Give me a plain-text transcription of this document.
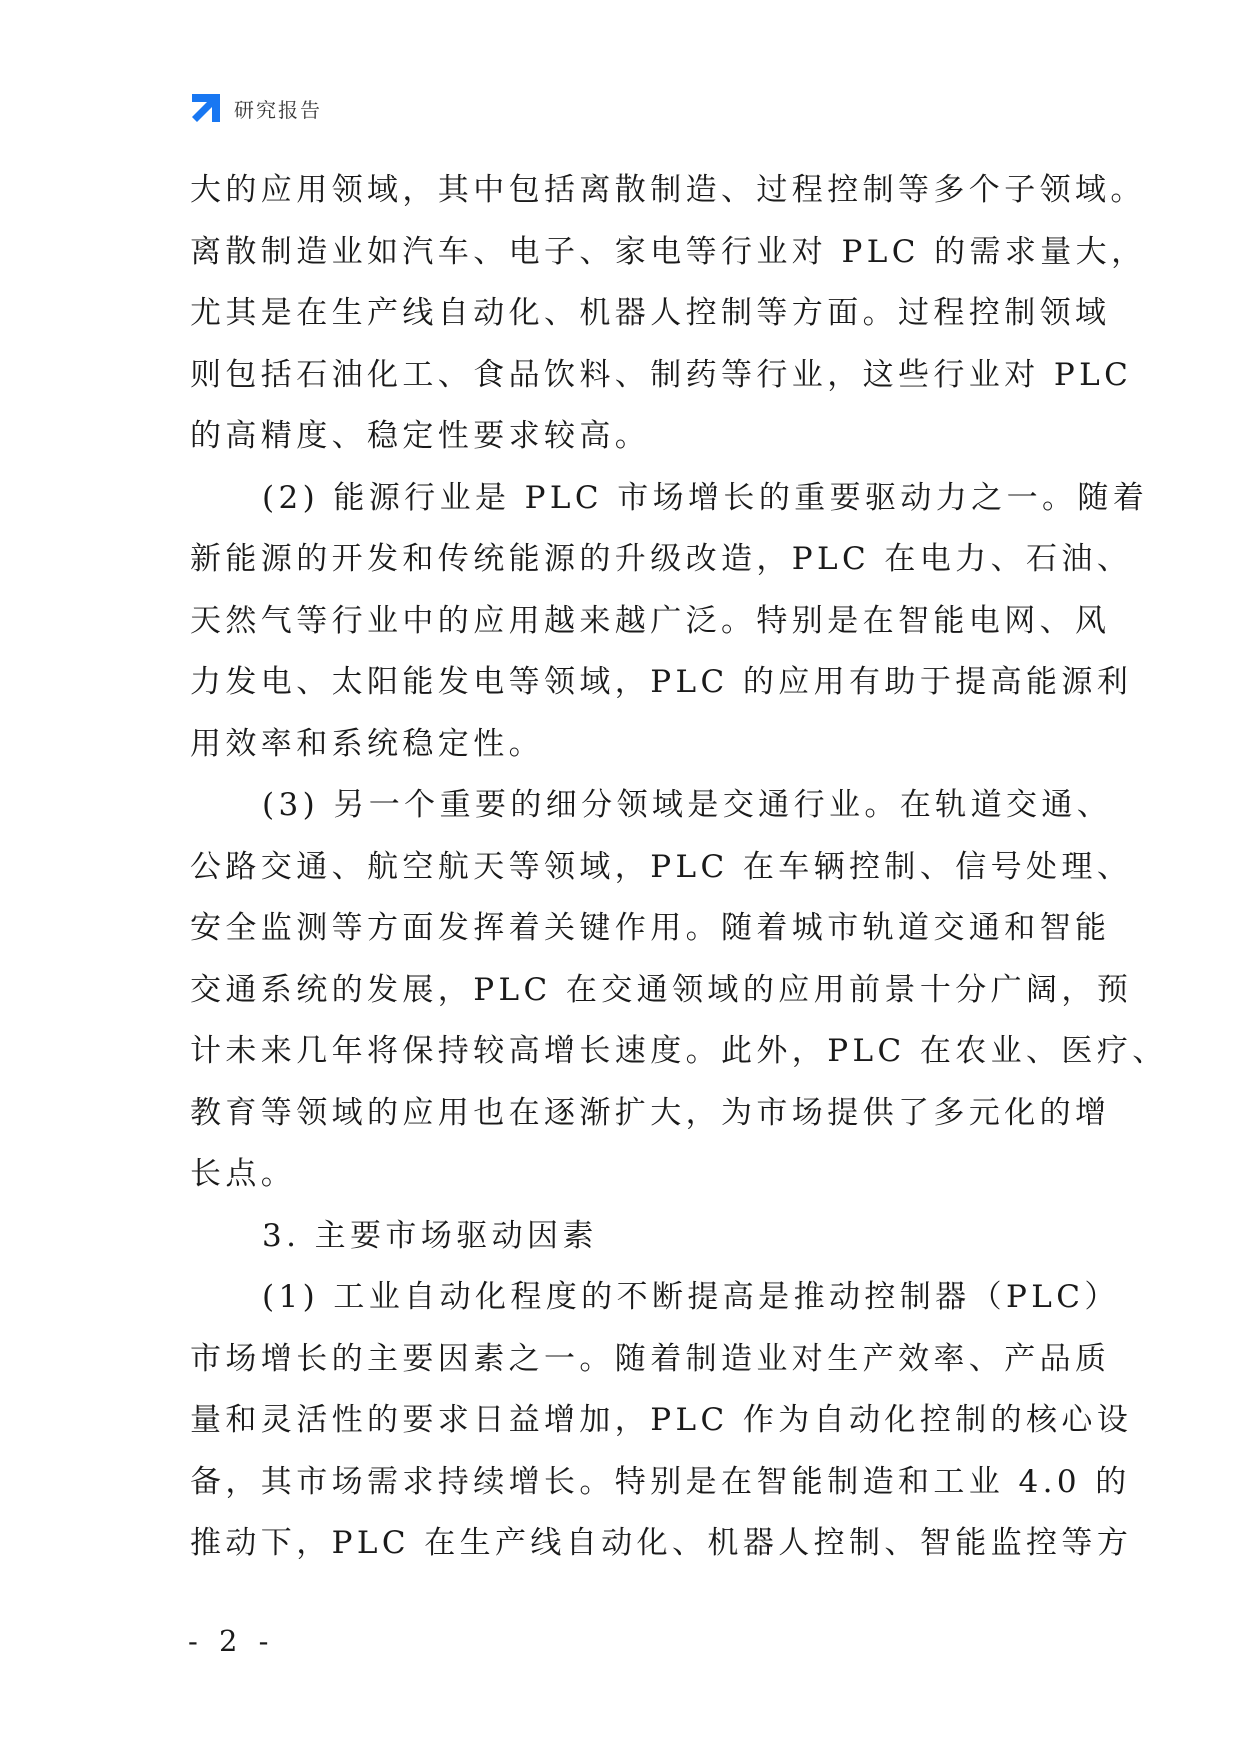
研究报告
大的应用领域，其中包括离散制造、过程控制等多个子领域。
离散制造业如汽车、电子、家电等行业对 PLC 的需求量大，
尤其是在生产线自动化、机器人控制等方面。过程控制领域
则包括石油化工、食品饮料、制药等行业，这些行业对 PLC
的高精度、稳定性要求较高。
(2) 能源行业是 PLC 市场增长的重要驱动力之一。随着
新能源的开发和传统能源的升级改造，PLC 在电力、石油、
天然气等行业中的应用越来越广泛。特别是在智能电网、风
力发电、太阳能发电等领域，PLC 的应用有助于提高能源利
用效率和系统稳定性。
(3) 另一个重要的细分领域是交通行业。在轨道交通、
公路交通、航空航天等领域，PLC 在车辆控制、信号处理、
安全监测等方面发挥着关键作用。随着城市轨道交通和智能
交通系统的发展，PLC 在交通领域的应用前景十分广阔，预
计未来几年将保持较高增长速度。此外，PLC 在农业、医疗、
教育等领域的应用也在逐渐扩大，为市场提供了多元化的增
长点。
3. 主要市场驱动因素
(1) 工业自动化程度的不断提高是推动控制器（PLC）
市场增长的主要因素之一。随着制造业对生产效率、产品质
量和灵活性的要求日益增加，PLC 作为自动化控制的核心设
备，其市场需求持续增长。特别是在智能制造和工业 4.0 的
推动下，PLC 在生产线自动化、机器人控制、智能监控等方
- 2 -
